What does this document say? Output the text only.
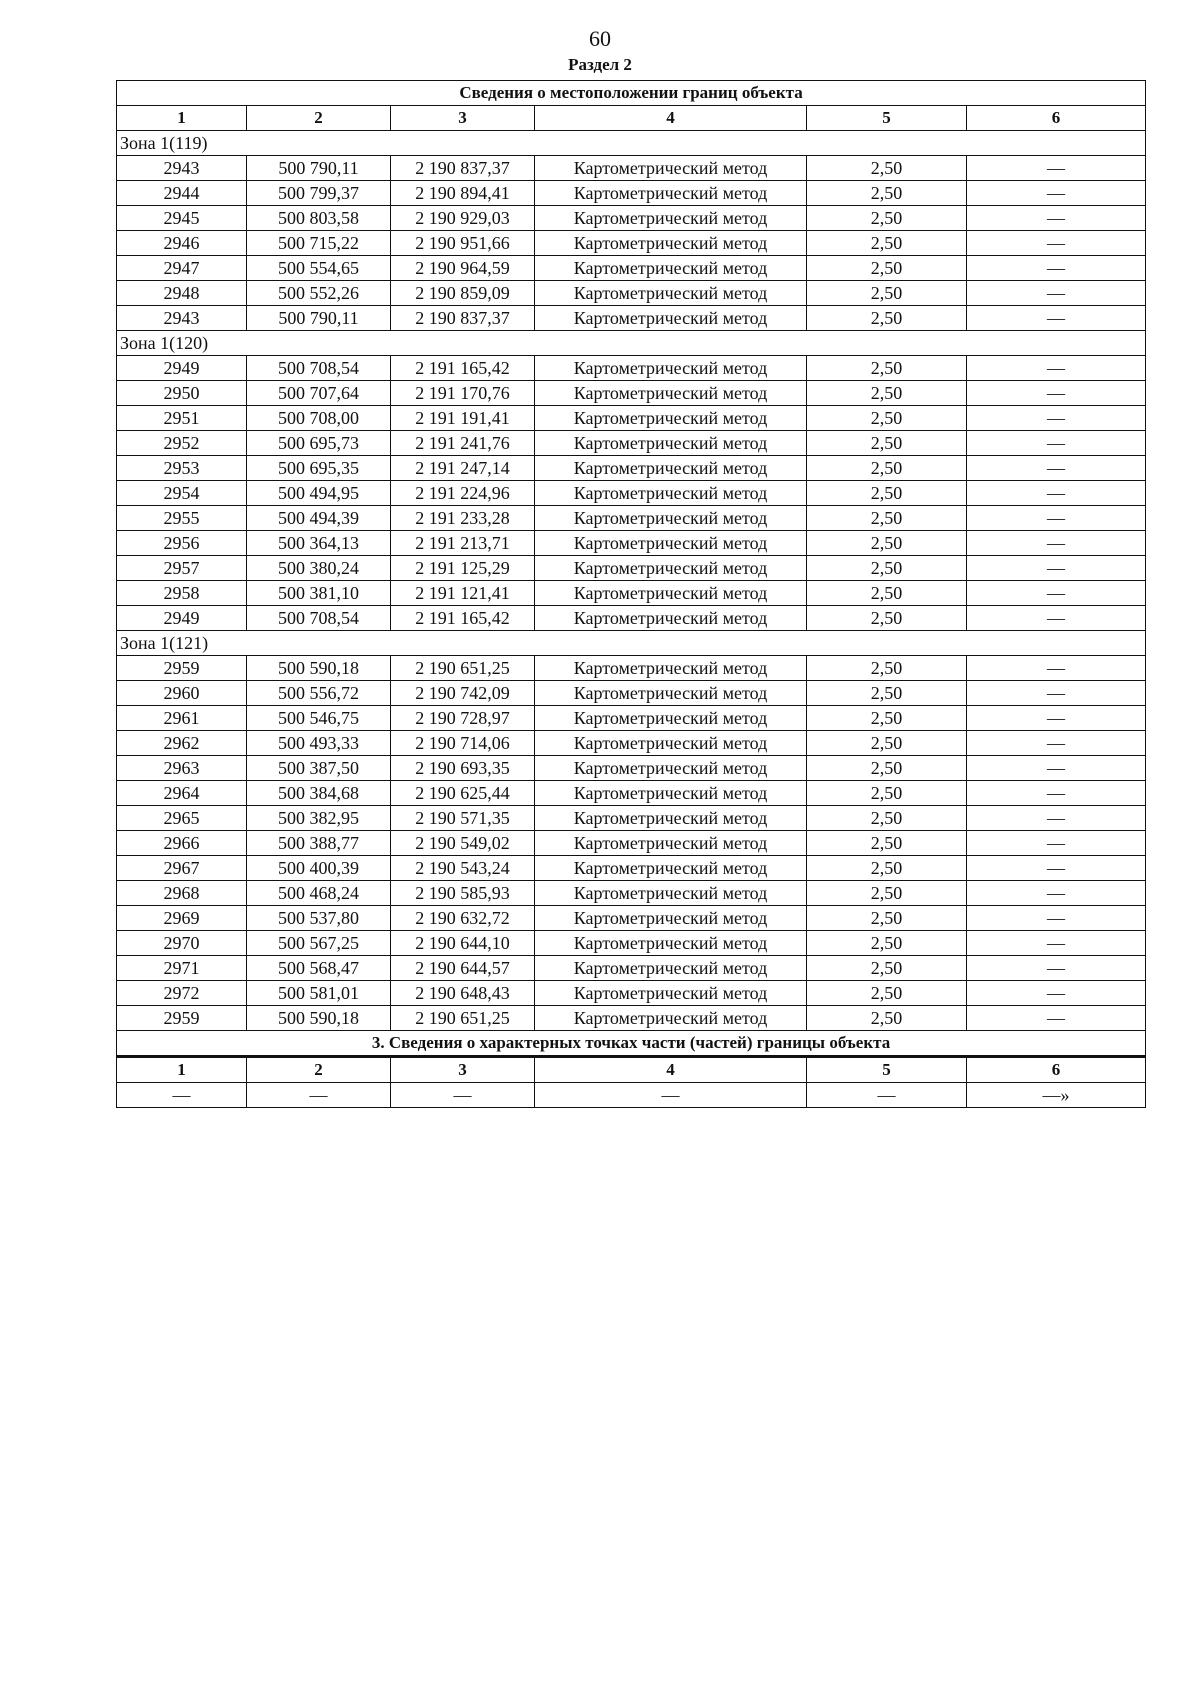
60
Раздел 2
Сведения о местоположении границ объекта					
1	2	3	4	5	6
Зона 1(119)					
2943	500 790,11	2 190 837,37	Картометрический метод	2,50	—
2944	500 799,37	2 190 894,41	Картометрический метод	2,50	—
2945	500 803,58	2 190 929,03	Картометрический метод	2,50	—
2946	500 715,22	2 190 951,66	Картометрический метод	2,50	—
2947	500 554,65	2 190 964,59	Картометрический метод	2,50	—
2948	500 552,26	2 190 859,09	Картометрический метод	2,50	—
2943	500 790,11	2 190 837,37	Картометрический метод	2,50	—
Зона 1(120)					
2949	500 708,54	2 191 165,42	Картометрический метод	2,50	—
2950	500 707,64	2 191 170,76	Картометрический метод	2,50	—
2951	500 708,00	2 191 191,41	Картометрический метод	2,50	—
2952	500 695,73	2 191 241,76	Картометрический метод	2,50	—
2953	500 695,35	2 191 247,14	Картометрический метод	2,50	—
2954	500 494,95	2 191 224,96	Картометрический метод	2,50	—
2955	500 494,39	2 191 233,28	Картометрический метод	2,50	—
2956	500 364,13	2 191 213,71	Картометрический метод	2,50	—
2957	500 380,24	2 191 125,29	Картометрический метод	2,50	—
2958	500 381,10	2 191 121,41	Картометрический метод	2,50	—
2949	500 708,54	2 191 165,42	Картометрический метод	2,50	—
Зона 1(121)					
2959	500 590,18	2 190 651,25	Картометрический метод	2,50	—
2960	500 556,72	2 190 742,09	Картометрический метод	2,50	—
2961	500 546,75	2 190 728,97	Картометрический метод	2,50	—
2962	500 493,33	2 190 714,06	Картометрический метод	2,50	—
2963	500 387,50	2 190 693,35	Картометрический метод	2,50	—
2964	500 384,68	2 190 625,44	Картометрический метод	2,50	—
2965	500 382,95	2 190 571,35	Картометрический метод	2,50	—
2966	500 388,77	2 190 549,02	Картометрический метод	2,50	—
2967	500 400,39	2 190 543,24	Картометрический метод	2,50	—
2968	500 468,24	2 190 585,93	Картометрический метод	2,50	—
2969	500 537,80	2 190 632,72	Картометрический метод	2,50	—
2970	500 567,25	2 190 644,10	Картометрический метод	2,50	—
2971	500 568,47	2 190 644,57	Картометрический метод	2,50	—
2972	500 581,01	2 190 648,43	Картометрический метод	2,50	—
2959	500 590,18	2 190 651,25	Картометрический метод	2,50	—
3. Сведения о характерных точках части (частей) границы объекта					
1	2	3	4	5	6
—	—	—	—	—	—»
